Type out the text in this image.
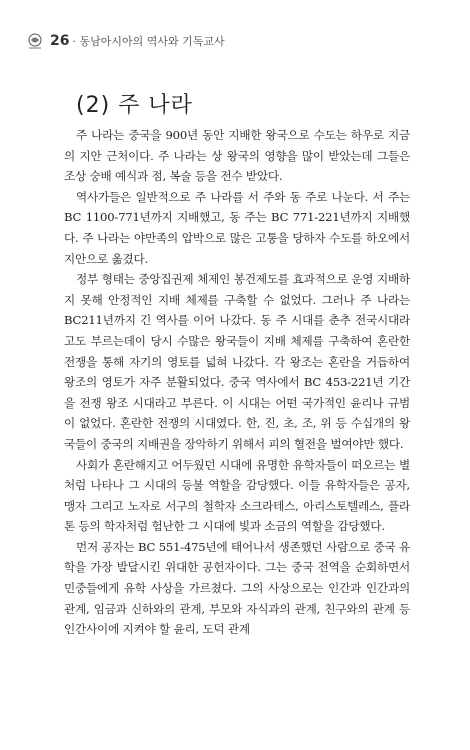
26 · 동남아시아의 역사와 기독교사
(2) 주 나라

주 나라는 중국을 900년 동안 지배한 왕국으로 수도는 하우로 지금의 지안 근처이다. 주 나라는 상 왕국의 영향을 많이 받았는데 그들은 조상 숭배 예식과 점, 복술 등을 전수 받았다.

역사가들은 일반적으로 주 나라를 서 주와 동 주로 나눈다. 서 주는 BC 1100-771년까지 지배했고, 동 주는 BC 771-221년까지 지배했다. 주 나라는 야만족의 압박으로 많은 고통을 당하자 수도를 하오에서 지안으로 옮겼다.

정부 형태는 중앙집권제 체제인 봉건제도를 효과적으로 운영 지배하지 못해 안정적인 지배 체제를 구축할 수 없었다. 그러나 주 나라는 BC211년까지 긴 역사를 이어 나갔다. 동 주 시대를 춘추 전국시대라고도 부르는데이 당시 수많은 왕국들이 지배 체제를 구축하여 혼란한 전쟁을 통해 자기의 영토를 넓혀 나갔다. 각 왕조는 혼란을 거듭하여 왕조의 영토가 자주 분활되었다. 중국 역사에서 BC 453-221년 기간을 전쟁 왕조 시대라고 부른다. 이 시대는 어떤 국가적인 윤리나 규범이 없었다. 혼란한 전쟁의 시대였다. 한, 진, 초, 조, 위 등 수십개의 왕국들이 중국의 지배권을 장악하기 위해서 피의 혈전을 벌여야만 했다.

사회가 혼란해지고 어두웠던 시대에 유명한 유학자들이 떠오르는 별처럼 나타나 그 시대의 등불 역할을 감당했다. 이들 유학자들은 공자, 맹자 그리고 노자로 서구의 철학자 소크라테스, 아리스토텔레스, 플라톤 등의 학자처럼 험난한 그 시대에 빛과 소금의 역할을 감당했다.

먼저 공자는 BC 551-475년에 태어나서 생존했던 사람으로 중국 유학을 가장 발달시킨 위대한 공헌자이다. 그는 중국 전역을 순회하면서 민중들에게 유학 사상을 가르쳤다. 그의 사상으로는 인간과 인간과의 관계, 임금과 신하와의 관계, 부모와 자식과의 관계, 친구와의 관계 등 인간사이에 지켜야 할 윤리, 도덕 관계
